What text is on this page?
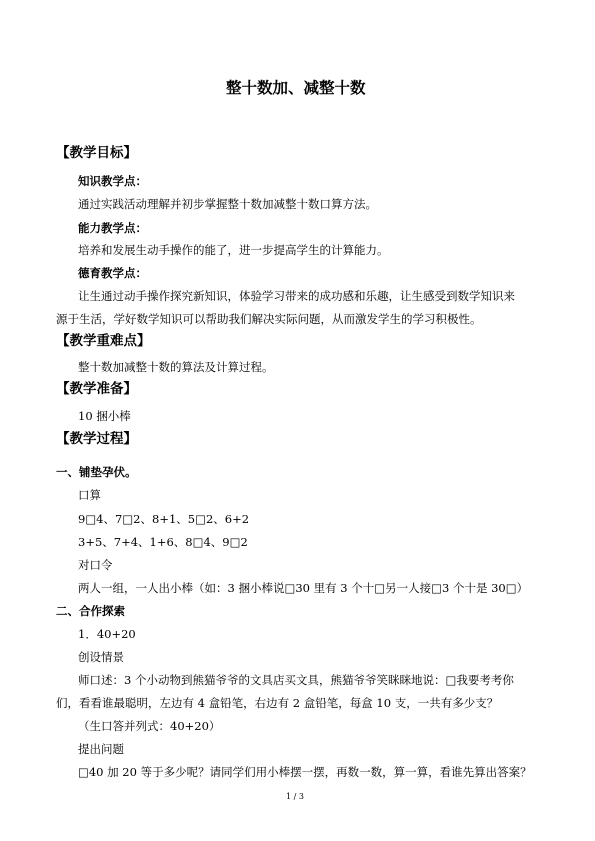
整十数加、减整十数
【教学目标】
知识教学点：
通过实践活动理解并初步掌握整十数加减整十数口算方法。
能力教学点：
培养和发展生动手操作的能了，进一步提高学生的计算能力。
德育教学点：
让生通过动手操作探究新知识，体验学习带来的成功感和乐趣，让生感受到数学知识来
源于生活，学好数学知识可以帮助我们解决实际问题，从而激发学生的学习积极性。
【教学重难点】
整十数加减整十数的算法及计算过程。
【教学准备】
10 捆小棒
【教学过程】
一、铺垫孕伏。
口算
9□4、7□2、8+1、5□2、6+2
3+5、7+4、1+6、8□4、9□2
对口令
两人一组，一人出小棒（如：3 捆小棒说□30 里有 3 个十□另一人接□3 个十是 30□）
二、合作探索
1．40+20
创设情景
师口述：3 个小动物到熊猫爷爷的文具店买文具，熊猫爷爷笑眯眯地说：□我要考考你
们，看看谁最聪明，左边有 4 盒铅笔，右边有 2 盒铅笔，每盒 10 支，一共有多少支？
（生口答并列式：40+20）
提出问题
□40 加 20 等于多少呢？请同学们用小棒摆一摆，再数一数，算一算，看谁先算出答案？
1 / 3
